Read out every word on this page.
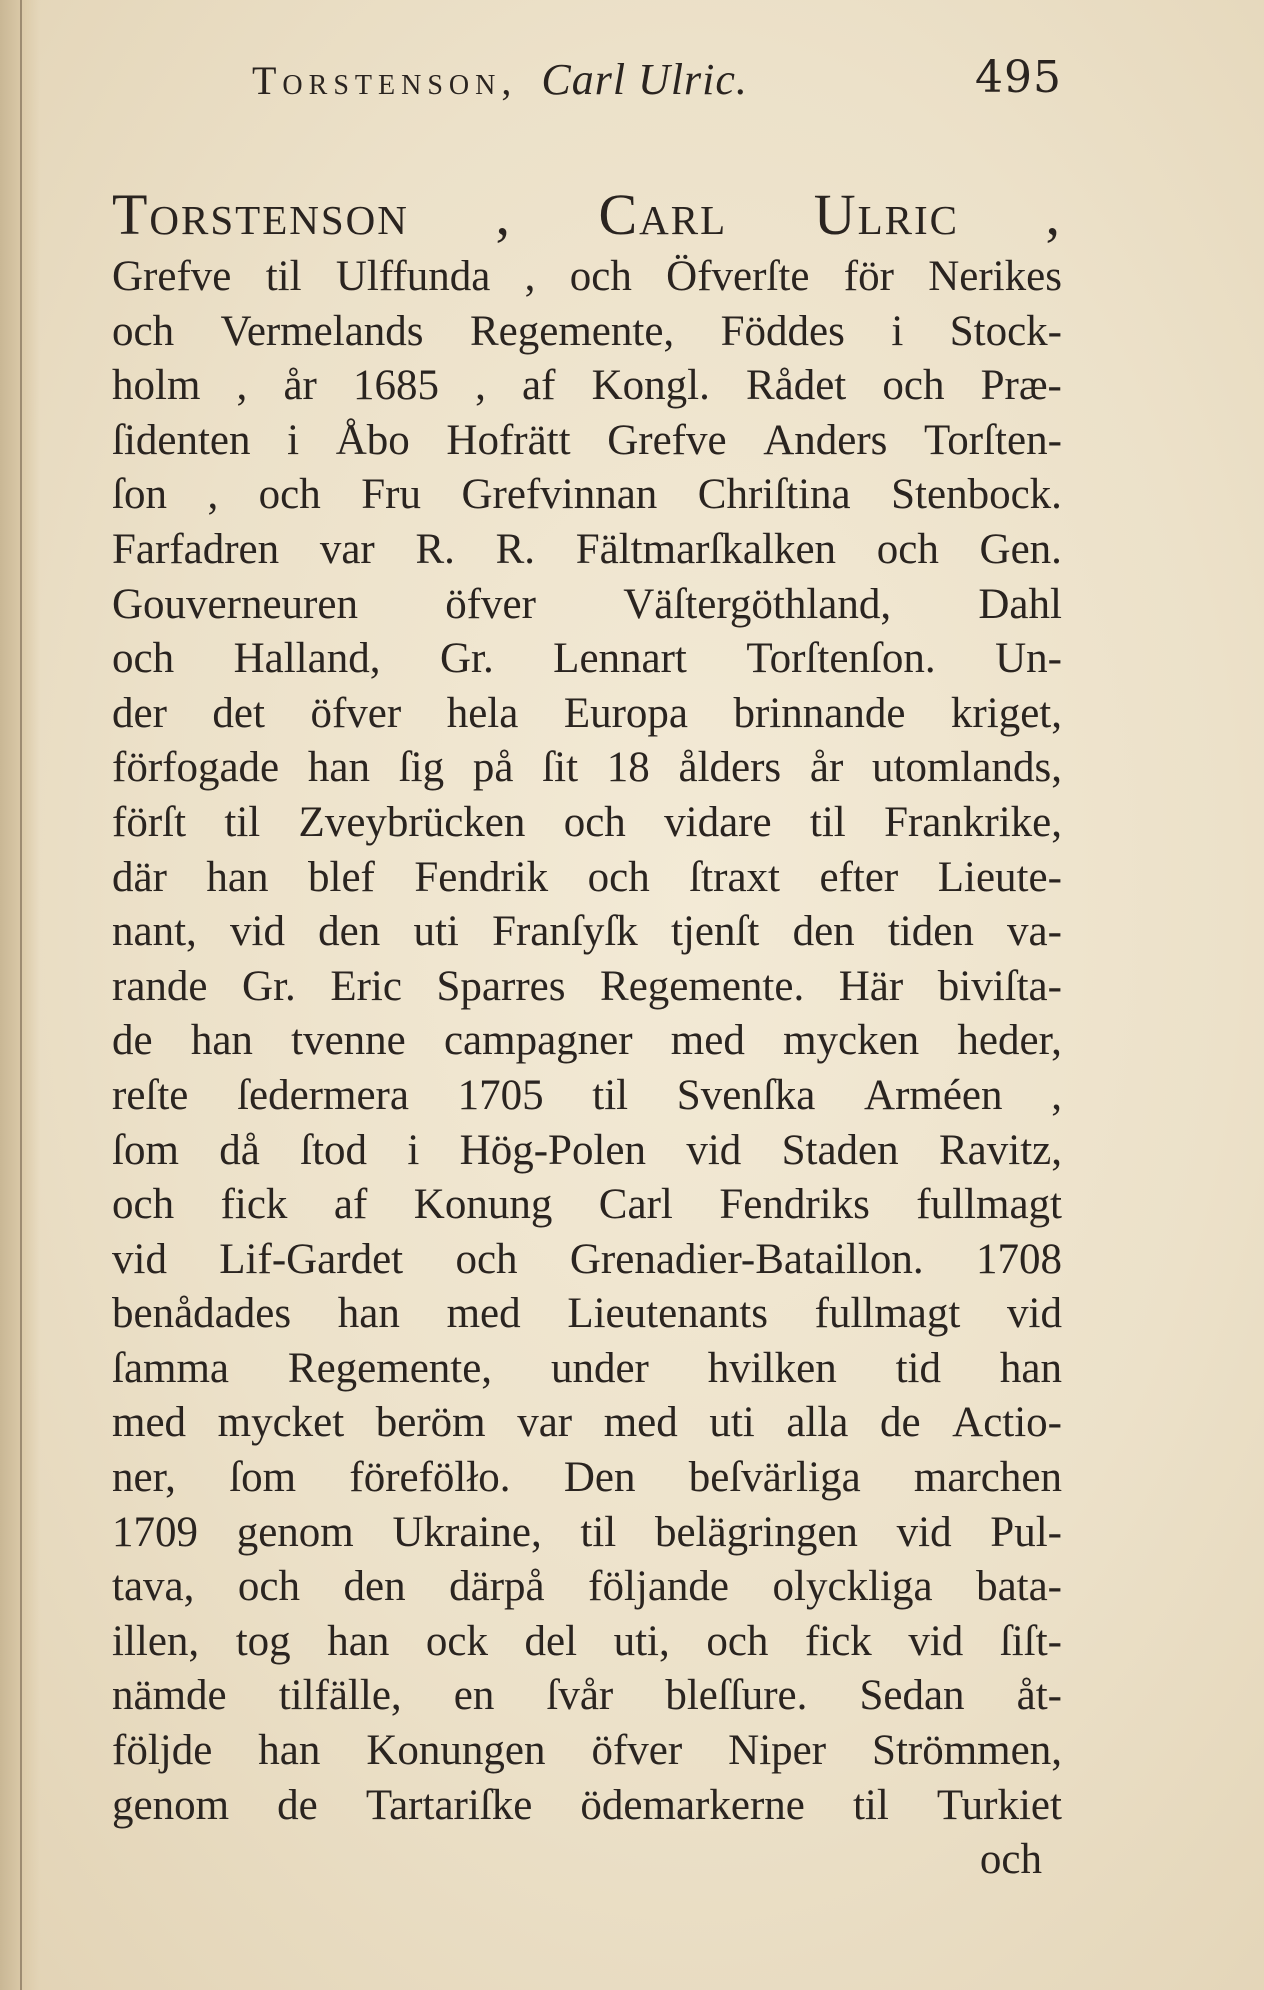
Torstenson, Carl Ulric.	495
Torstenson , Carl Ulric ,
Grefve til Ulffunda , och Öfverſte för Nerikes
och Vermelands Regemente, Föddes i Stock-
holm , år 1685 , af Kongl. Rådet och Præ-
ſidenten i Åbo Hofrätt Grefve Anders Torſten-
ſon , och Fru Grefvinnan Chriſtina Stenbock.
Farfadren var R. R. Fältmarſkalken och Gen.
Gouverneuren öfver Väſtergöthland, Dahl
och Halland, Gr. Lennart Torſtenſon. Un-
der det öfver hela Europa brinnande kriget,
förfogade han ſig på ſit 18 ålders år utomlands,
förſt til Zveybrücken och vidare til Frankrike,
där han blef Fendrik och ſtraxt efter Lieute-
nant, vid den uti Franſyſk tjenſt den tiden va-
rande Gr. Eric Sparres Regemente. Här biviſta-
de han tvenne campagner med mycken heder,
reſte ſedermera 1705 til Svenſka Arméen ,
ſom då ſtod i Hög-Polen vid Staden Ravitz,
och fick af Konung Carl Fendriks fullmagt
vid Lif-Gardet och Grenadier-Bataillon. 1708
benådades han med Lieutenants fullmagt vid
ſamma Regemente, under hvilken tid han
med mycket beröm var med uti alla de Actio-
ner, ſom förefölło. Den beſvärliga marchen
1709 genom Ukraine, til belägringen vid Pul-
tava, och den därpå följande olyckliga bata-
illen, tog han ock del uti, och fick vid ſiſt-
nämde tilfälle, en ſvår bleſſure. Sedan åt-
följde han Konungen öfver Niper Strömmen,
genom de Tartariſke ödemarkerne til Turkiet
och
